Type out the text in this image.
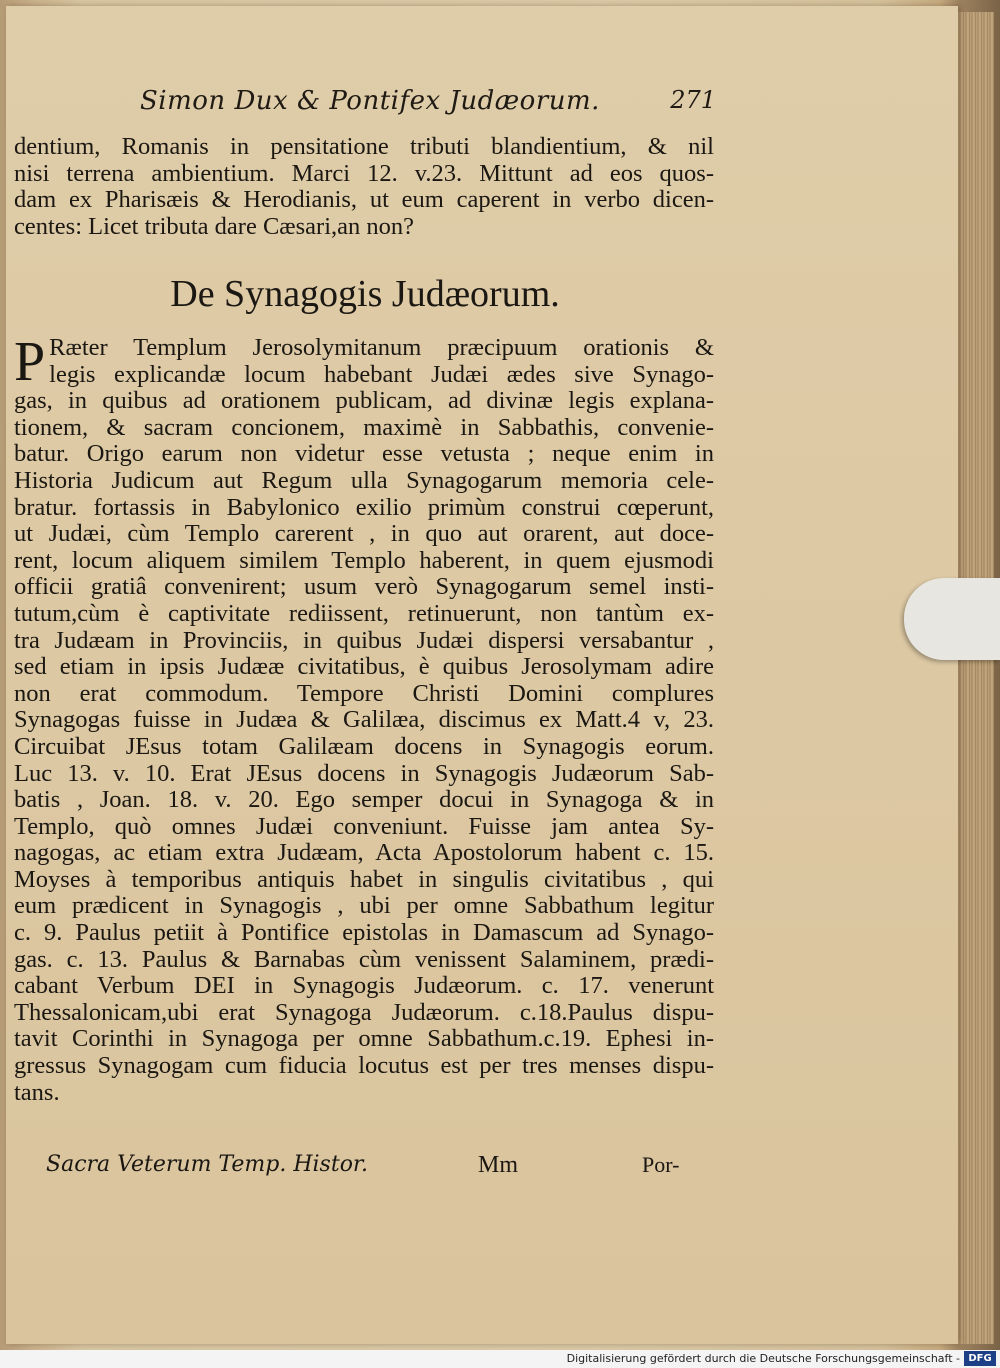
Simon Dux & Pontifex Judæorum.	271
dentium, Romanis in pensitatione tributi blandientium, & nil
nisi terrena ambientium. Marci 12. v.23. Mittunt ad eos quos-
dam ex Pharisæis & Herodianis, ut eum caperent in verbo dicen-
centes: Licet tributa dare Cæsari,an non?
De Synagogis Judæorum.
P Ræter Templum Jerosolymitanum præcipuum orationis &
legis explicandæ locum habebant Judæi ædes sive Synago-
gas, in quibus ad orationem publicam, ad divinæ legis explana-
tionem, & sacram concionem, maximè in Sabbathis, convenie-
batur. Origo earum non videtur esse vetusta ; neque enim in
Historia Judicum aut Regum ulla Synagogarum memoria cele-
bratur. fortassis in Babylonico exilio primùm construi cœperunt,
ut Judæi, cùm Templo carerent , in quo aut orarent, aut doce-
rent, locum aliquem similem Templo haberent, in quem ejusmodi
officii gratiâ convenirent; usum verò Synagogarum semel insti-
tutum,cùm è captivitate rediissent, retinuerunt, non tantùm ex-
tra Judæam in Provinciis, in quibus Judæi dispersi versabantur ,
sed etiam in ipsis Judææ civitatibus, è quibus Jerosolymam adire
non erat commodum. Tempore Christi Domini complures
Synagogas fuisse in Judæa & Galilæa, discimus ex Matt.4 v, 23.
Circuibat JEsus totam Galilæam docens in Synagogis eorum.
Luc 13. v. 10. Erat JEsus docens in Synagogis Judæorum Sab-
batis , Joan. 18. v. 20. Ego semper docui in Synagoga & in
Templo, quò omnes Judæi conveniunt. Fuisse jam antea Sy-
nagogas, ac etiam extra Judæam, Acta Apostolorum habent c. 15.
Moyses à temporibus antiquis habet in singulis civitatibus , qui
eum prædicent in Synagogis , ubi per omne Sabbathum legitur
c. 9. Paulus petiit à Pontifice epistolas in Damascum ad Synago-
gas. c. 13. Paulus & Barnabas cùm venissent Salaminem, prædi-
cabant Verbum DEI in Synagogis Judæorum. c. 17. venerunt
Thessalonicam,ubi erat Synagoga Judæorum. c.18.Paulus dispu-
tavit Corinthi in Synagoga per omne Sabbathum.c.19. Ephesi in-
gressus Synagogam cum fiducia locutus est per tres menses dispu-
tans.
Sacra Veterum Temp. Histor.	Mm	Por-
Digitalisierung gefördert durch die Deutsche Forschungsgemeinschaft - DFG
